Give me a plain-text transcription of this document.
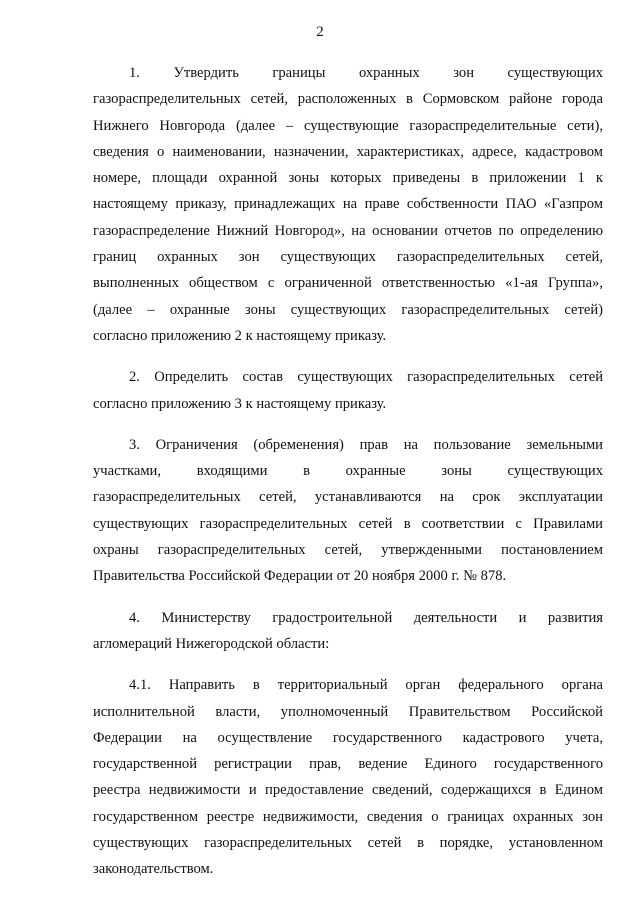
2

1. Утвердить границы охранных зон существующих
газораспределительных сетей, расположенных в Сормовском районе города
Нижнего Новгорода (далее – существующие газораспределительные сети),
сведения о наименовании, назначении, характеристиках, адресе, кадастровом
номере, площади охранной зоны которых приведены в приложении 1 к
настоящему приказу, принадлежащих на праве собственности ПАО «Газпром
газораспределение Нижний Новгород», на основании отчетов по определению
границ охранных зон существующих газораспределительных сетей,
выполненных обществом с ограниченной ответственностью «1-ая Группа»,
(далее – охранные зоны существующих газораспределительных сетей)
согласно приложению 2 к настоящему приказу.

2. Определить состав существующих газораспределительных сетей
согласно приложению 3 к настоящему приказу.

3. Ограничения (обременения) прав на пользование земельными
участками, входящими в охранные зоны существующих
газораспределительных сетей, устанавливаются на срок эксплуатации
существующих газораспределительных сетей в соответствии с Правилами
охраны газораспределительных сетей, утвержденными постановлением
Правительства Российской Федерации от 20 ноября 2000 г. № 878.

4. Министерству градостроительной деятельности и развития
агломераций Нижегородской области:

4.1. Направить в территориальный орган федерального органа
исполнительной власти, уполномоченный Правительством Российской
Федерации на осуществление государственного кадастрового учета,
государственной регистрации прав, ведение Единого государственного
реестра недвижимости и предоставление сведений, содержащихся в Едином
государственном реестре недвижимости, сведения о границах охранных зон
существующих газораспределительных сетей в порядке, установленном
законодательством.
